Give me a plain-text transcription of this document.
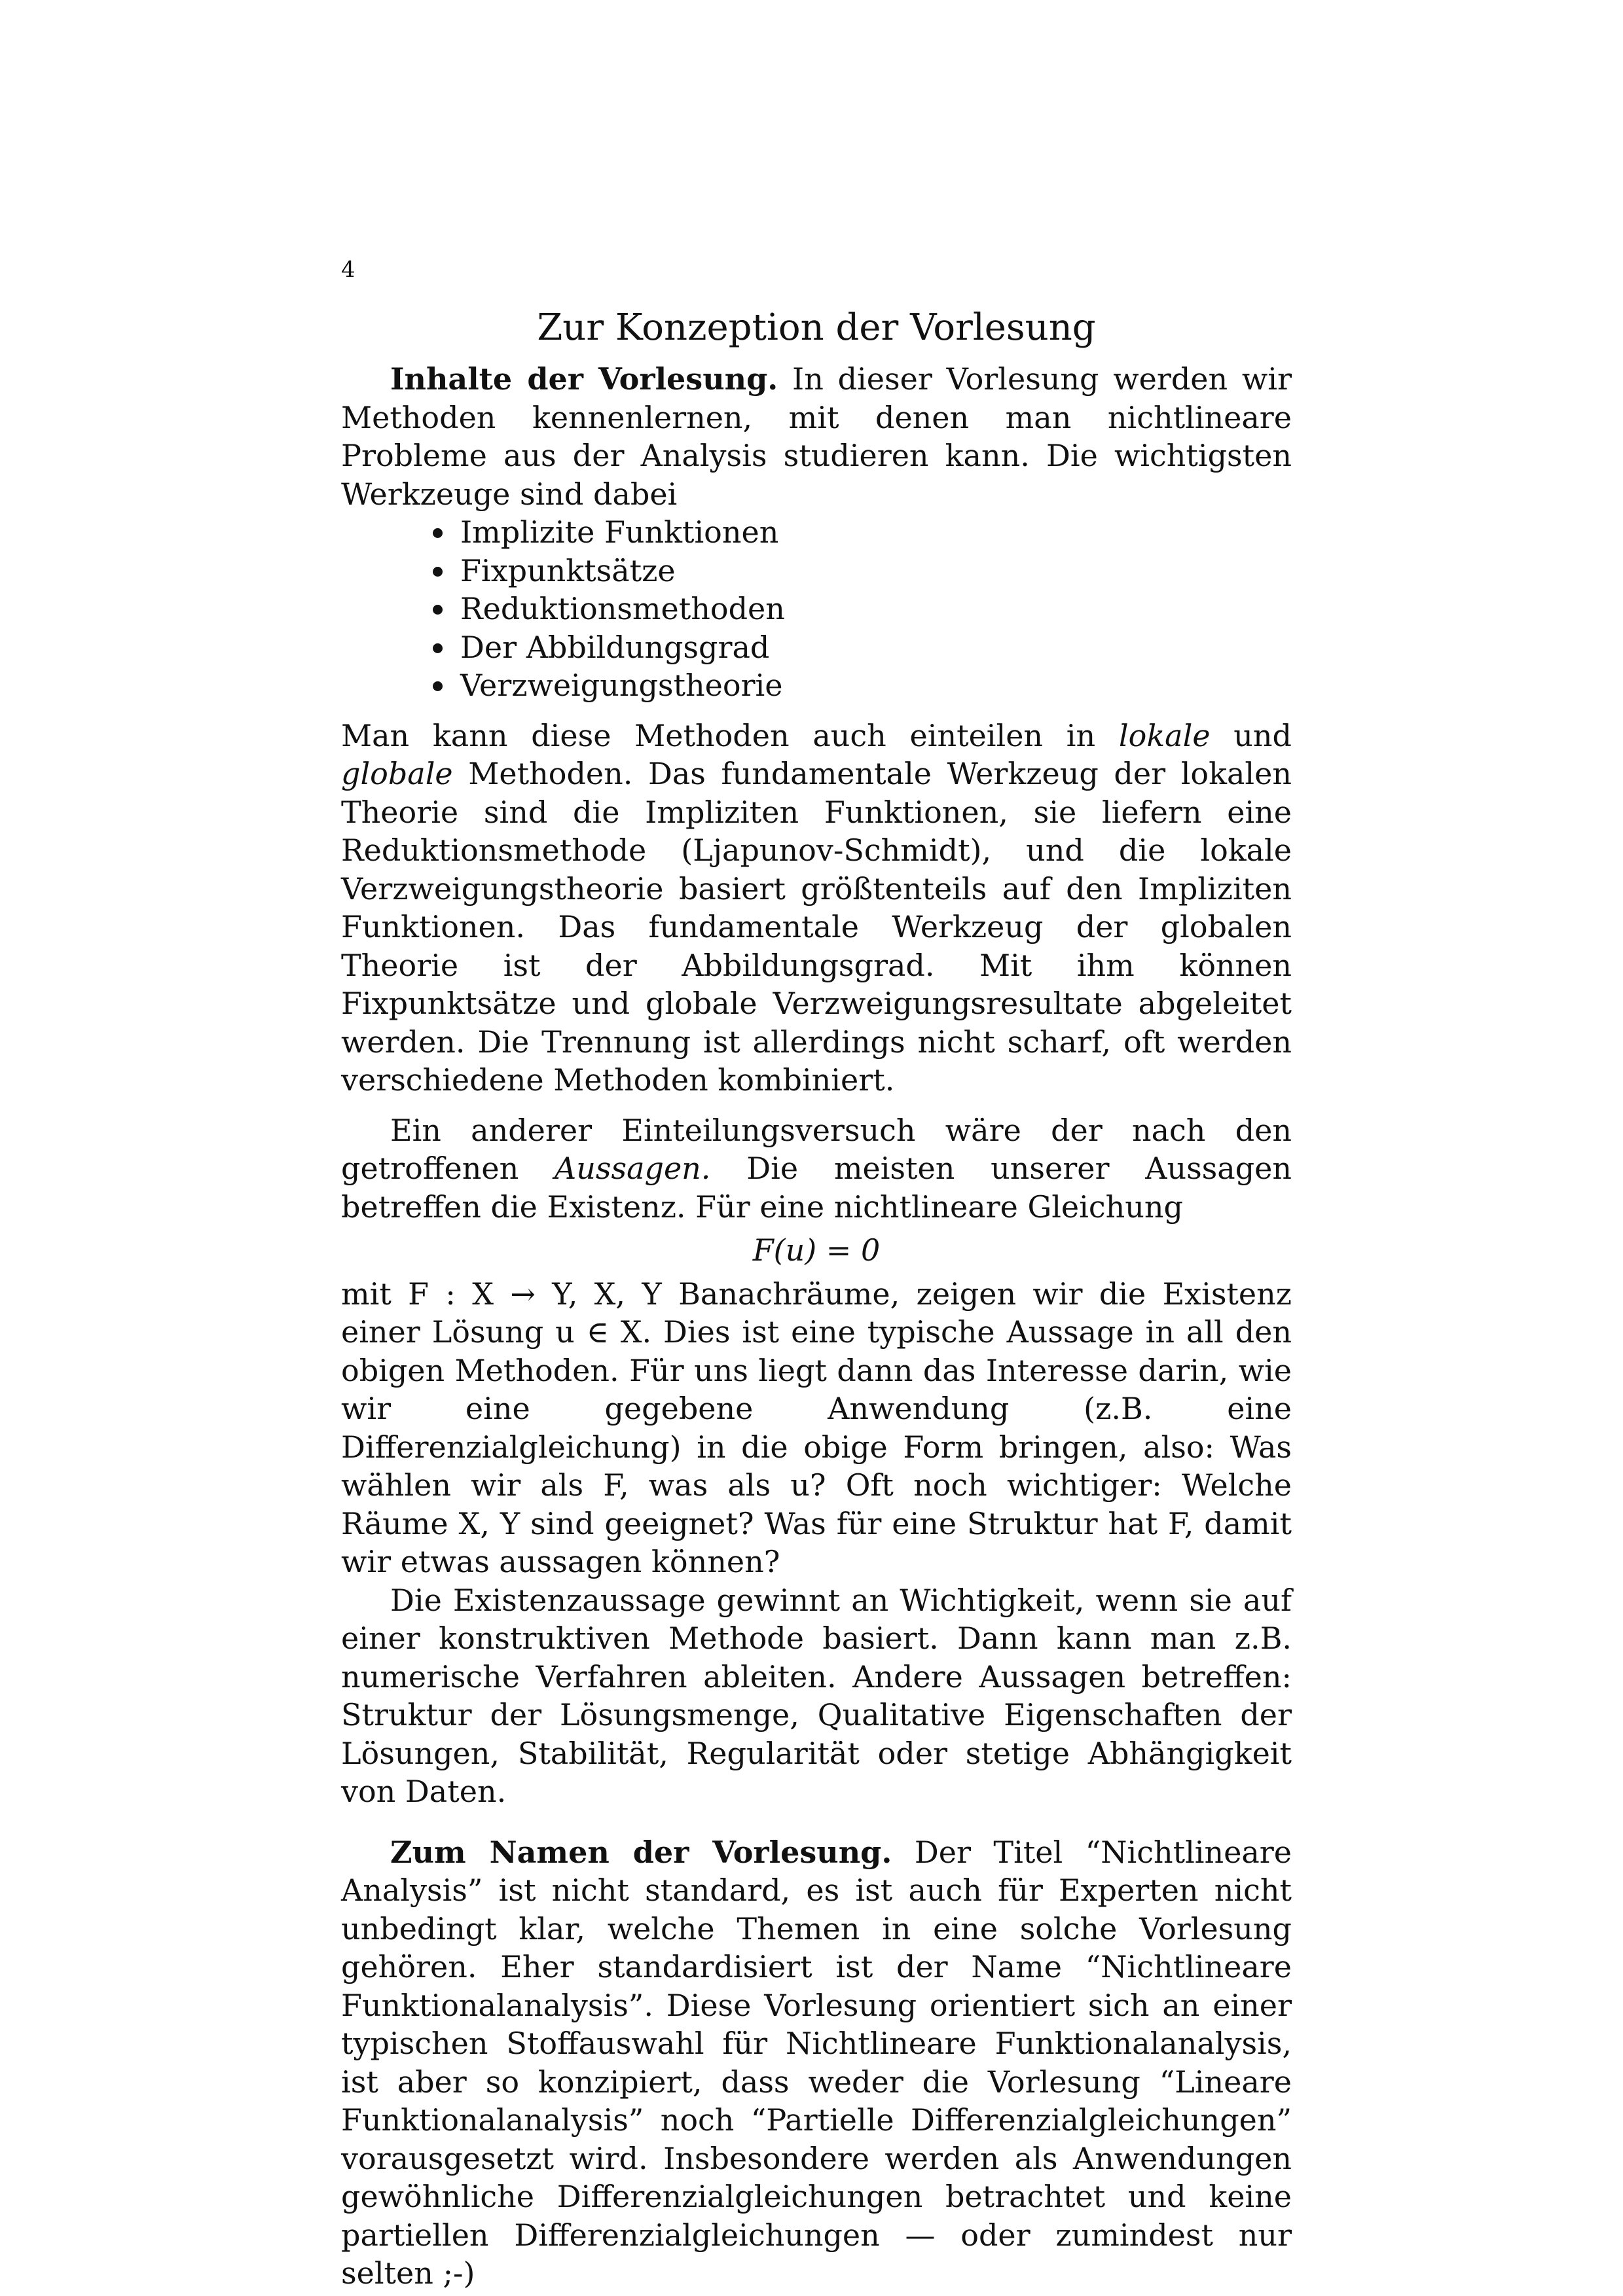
4
Zur Konzeption der Vorlesung

Inhalte der Vorlesung. In dieser Vorlesung werden wir Methoden kennenlernen, mit denen man nichtlineare Probleme aus der Analysis studieren kann. Die wichtigsten Werkzeuge sind dabei

Implizite Funktionen
Fixpunktsätze
Reduktionsmethoden
Der Abbildungsgrad
Verzweigungstheorie

Man kann diese Methoden auch einteilen in lokale und globale Methoden. Das fundamentale Werkzeug der lokalen Theorie sind die Impliziten Funktionen, sie liefern eine Reduktionsmethode (Ljapunov-Schmidt), und die lokale Verzweigungstheorie basiert größtenteils auf den Impliziten Funktionen. Das fundamentale Werkzeug der globalen Theorie ist der Abbildungsgrad. Mit ihm können Fixpunktsätze und globale Verzweigungsresultate abgeleitet werden. Die Trennung ist allerdings nicht scharf, oft werden verschiedene Methoden kombiniert.

Ein anderer Einteilungsversuch wäre der nach den getroffenen Aussagen. Die meisten unserer Aussagen betreffen die Existenz. Für eine nichtlineare Gleichung

F(u) = 0

mit F : X → Y, X, Y Banachräume, zeigen wir die Existenz einer Lösung u ∈ X. Dies ist eine typische Aussage in all den obigen Methoden. Für uns liegt dann das Interesse darin, wie wir eine gegebene Anwendung (z.B. eine Differenzialgleichung) in die obige Form bringen, also: Was wählen wir als F, was als u? Oft noch wichtiger: Welche Räume X, Y sind geeignet? Was für eine Struktur hat F, damit wir etwas aussagen können?

Die Existenzaussage gewinnt an Wichtigkeit, wenn sie auf einer konstruktiven Methode basiert. Dann kann man z.B. numerische Verfahren ableiten. Andere Aussagen betreffen: Struktur der Lösungsmenge, Qualitative Eigenschaften der Lösungen, Stabilität, Regularität oder stetige Abhängigkeit von Daten.

Zum Namen der Vorlesung. Der Titel “Nichtlineare Analysis” ist nicht standard, es ist auch für Experten nicht unbedingt klar, welche Themen in eine solche Vorlesung gehören. Eher standardisiert ist der Name “Nichtlineare Funktionalanalysis”. Diese Vorlesung orientiert sich an einer typischen Stoffauswahl für Nichtlineare Funktionalanalysis, ist aber so konzipiert, dass weder die Vorlesung “Lineare Funktionalanalysis” noch “Partielle Differenzialgleichungen” vorausgesetzt wird. Insbesondere werden als Anwendungen gewöhnliche Differenzialgleichungen betrachtet und keine partiellen Differenzialgleichungen — oder zumindest nur selten ;-)
